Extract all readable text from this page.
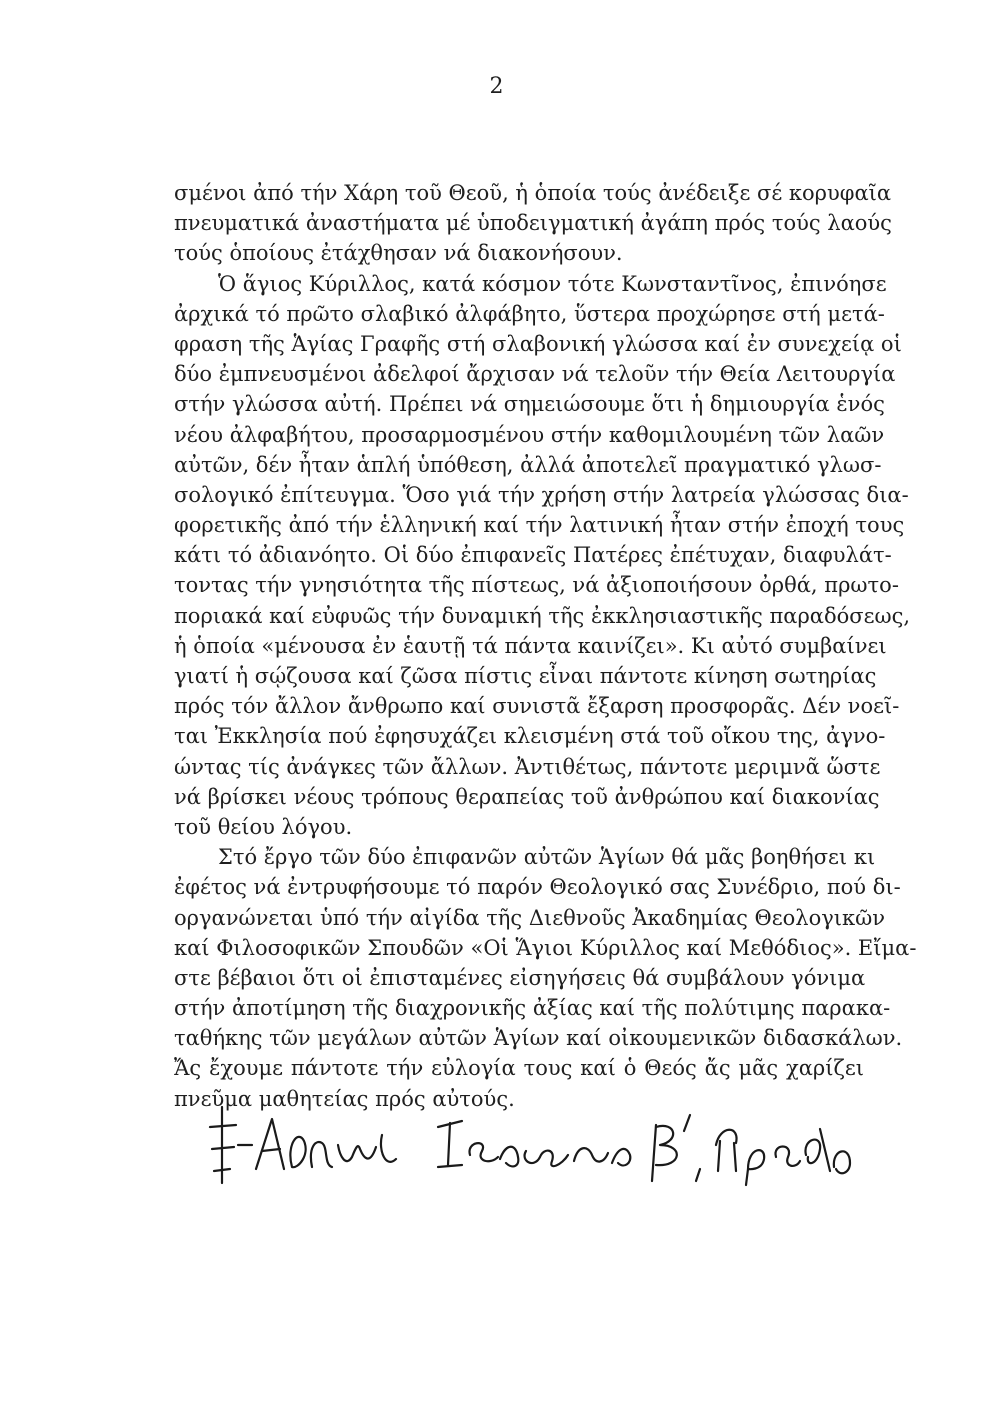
2
σμένοι ἀπό τήν Χάρη τοῦ Θεοῦ, ἡ ὁποία τούς ἀνέδειξε σέ κορυφαῖα
πνευματικά ἀναστήματα μέ ὑποδειγματική ἀγάπη πρός τούς λαούς
τούς ὁποίους ἐτάχθησαν νά διακονήσουν.
Ὁ ἅγιος Κύριλλος, κατά κόσμον τότε Κωνσταντῖνος, ἐπινόησε
ἀρχικά τό πρῶτο σλαβικό ἀλφάβητο, ὕστερα προχώρησε στή μετά-
φραση τῆς Ἁγίας Γραφῆς στή σλαβονική γλώσσα καί ἐν συνεχείᾳ οἱ
δύο ἐμπνευσμένοι ἀδελφοί ἄρχισαν νά τελοῦν τήν Θεία Λειτουργία
στήν γλώσσα αὐτή. Πρέπει νά σημειώσουμε ὅτι ἡ δημιουργία ἑνός
νέου ἀλφαβήτου, προσαρμοσμένου στήν καθομιλουμένη τῶν λαῶν
αὐτῶν, δέν ἦταν ἁπλή ὑπόθεση, ἀλλά ἀποτελεῖ πραγματικό γλωσ-
σολογικό ἐπίτευγμα. Ὅσο γιά τήν χρήση στήν λατρεία γλώσσας δια-
φορετικῆς ἀπό τήν ἑλληνική καί τήν λατινική ἦταν στήν ἐποχή τους
κάτι τό ἀδιανόητο. Οἱ δύο ἐπιφανεῖς Πατέρες ἐπέτυχαν, διαφυλάτ-
τοντας τήν γνησιότητα τῆς πίστεως, νά ἀξιοποιήσουν ὀρθά, πρωτο-
ποριακά καί εὐφυῶς τήν δυναμική τῆς ἐκκλησιαστικῆς παραδόσεως,
ἡ ὁποία «μένουσα ἐν ἑαυτῇ τά πάντα καινίζει». Κι αὐτό συμβαίνει
γιατί ἡ σῴζουσα καί ζῶσα πίστις εἶναι πάντοτε κίνηση σωτηρίας
πρός τόν ἄλλον ἄνθρωπο καί συνιστᾶ ἔξαρση προσφορᾶς. Δέν νοεῖ-
ται Ἐκκλησία πού ἐφησυχάζει κλεισμένη στά τοῦ οἴκου της, ἀγνο-
ώντας τίς ἀνάγκες τῶν ἄλλων. Ἀντιθέτως, πάντοτε μεριμνᾶ ὥστε
νά βρίσκει νέους τρόπους θεραπείας τοῦ ἀνθρώπου καί διακονίας
τοῦ θείου λόγου.
Στό ἔργο τῶν δύο ἐπιφανῶν αὐτῶν Ἁγίων θά μᾶς βοηθήσει κι
ἐφέτος νά ἐντρυφήσουμε τό παρόν Θεολογικό σας Συνέδριο, πού δι-
οργανώνεται ὑπό τήν αἰγίδα τῆς Διεθνοῦς Ἀκαδημίας Θεολογικῶν
καί Φιλοσοφικῶν Σπουδῶν «Οἱ Ἅγιοι Κύριλλος καί Μεθόδιος». Εἴμα-
στε βέβαιοι ὅτι οἱ ἐπισταμένες εἰσηγήσεις θά συμβάλουν γόνιμα
στήν ἀποτίμηση τῆς διαχρονικῆς ἀξίας καί τῆς πολύτιμης παρακα-
ταθήκης τῶν μεγάλων αὐτῶν Ἁγίων καί οἰκουμενικῶν διδασκάλων.
Ἄς ἔχουμε πάντοτε τήν εὐλογία τους καί ὁ Θεός ἄς μᾶς χαρίζει
πνεῦμα μαθητείας πρός αὐτούς.
